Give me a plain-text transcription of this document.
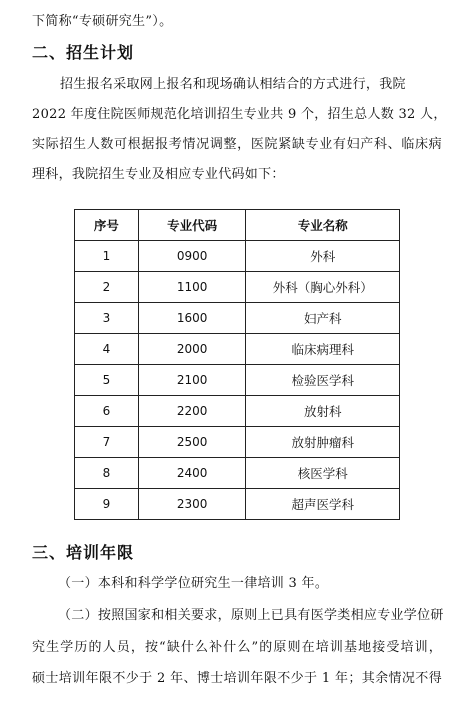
下简称“专硕研究生”）。
二、招生计划
招生报名采取网上报名和现场确认相结合的方式进行，我院
2022 年度住院医师规范化培训招生专业共 9 个，招生总人数 32 人，
实际招生人数可根据报考情况调整，医院紧缺专业有妇产科、临床病
理科，我院招生专业及相应专业代码如下：
序号	专业代码	专业名称
1	0900	外科
2	1100	外科（胸心外科）
3	1600	妇产科
4	2000	临床病理科
5	2100	检验医学科
6	2200	放射科
7	2500	放射肿瘤科
8	2400	核医学科
9	2300	超声医学科
三、培训年限
（一）本科和科学学位研究生一律培训 3 年。
（二）按照国家和相关要求，原则上已具有医学类相应专业学位研
究生学历的人员，按“缺什么补什么”的原则在培训基地接受培训，
硕士培训年限不少于 2 年、博士培训年限不少于 1 年；其余情况不得
